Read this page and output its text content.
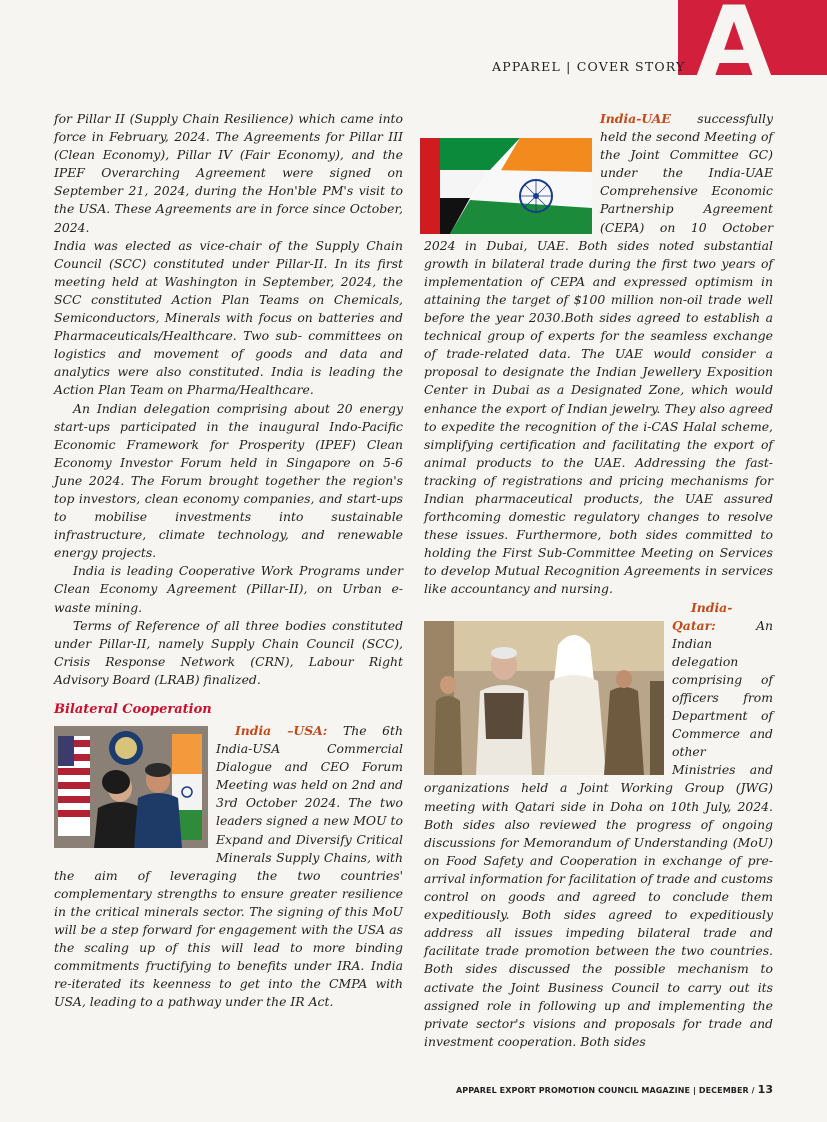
A
APPAREL | COVER STORY

for Pillar II (Supply Chain Resilience) which came into force in February, 2024. The Agreements for Pillar III (Clean Economy), Pillar IV (Fair Economy), and the IPEF Overarching Agreement were signed on September 21, 2024, during the Hon'ble PM's visit to the USA. These Agreements are in force since October, 2024.

India was elected as vice-chair of the Supply Chain Council (SCC) constituted under Pillar-II. In its first meeting held at Washington in September, 2024, the SCC constituted Action Plan Teams on Chemicals, Semiconductors, Minerals with focus on batteries and Pharmaceuticals/Healthcare. Two sub- committees on logistics and movement of goods and data and analytics were also constituted. India is leading the Action Plan Team on Pharma/Healthcare.

An Indian delegation comprising about 20 energy start-ups participated in the inaugural Indo-Pacific Economic Framework for Prosperity (IPEF) Clean Economy Investor Forum held in Singapore on 5-6 June 2024. The Forum brought together the region's top investors, clean economy companies, and start-ups to mobilise investments into sustainable infrastructure, climate technology, and renewable energy projects.

India is leading Cooperative Work Programs under Clean Economy Agreement (Pillar-II), on Urban e-waste mining.

Terms of Reference of all three bodies constituted under Pillar-II, namely Supply Chain Council (SCC), Crisis Response Network (CRN), Labour Right Advisory Board (LRAB) finalized.

Bilateral Cooperation

India –USA: The 6th India-USA Commercial Dialogue and CEO Forum Meeting was held on 2nd and 3rd October 2024. The two leaders signed a new MOU to Expand and Diversify Critical Minerals Supply Chains, with the aim of leveraging the two countries' complementary strengths to ensure greater resilience in the critical minerals sector. The signing of this MoU will be a step forward for engagement with the USA as the scaling up of this will lead to more binding commitments fructifying to benefits under IRA. India re-iterated its keenness to get into the CMPA with USA, leading to a pathway under the IR Act.

India-UAE successfully held the second Meeting of the Joint Committee GC) under the India-UAE Comprehensive Economic Partnership Agreement (CEPA) on 10 October 2024 in Dubai, UAE. Both sides noted substantial growth in bilateral trade during the first two years of implementation of CEPA and expressed optimism in attaining the target of $100 million non-oil trade well before the year 2030.Both sides agreed to establish a technical group of experts for the seamless exchange of trade-related data. The UAE would consider a proposal to designate the Indian Jewellery Exposition Center in Dubai as a Designated Zone, which would enhance the export of Indian jewelry. They also agreed to expedite the recognition of the i-CAS Halal scheme, simplifying certification and facilitating the export of animal products to the UAE. Addressing the fast-tracking of registrations and pricing mechanisms for Indian pharmaceutical products, the UAE assured forthcoming domestic regulatory changes to resolve these issues. Furthermore, both sides committed to holding the First Sub-Committee Meeting on Services to develop Mutual Recognition Agreements in services like accountancy and nursing.

India-Qatar:	An Indian delegation comprising of officers from Department of Commerce and other Ministries and organizations held a Joint Working Group (JWG) meeting with Qatari side in Doha on 10th July, 2024. Both sides also reviewed the progress of ongoing discussions for Memorandum of Understanding (MoU) on Food Safety and Cooperation in exchange of pre-arrival information for facilitation of trade and customs control on goods and agreed to conclude them expeditiously. Both sides agreed to expeditiously address all issues impeding bilateral trade and facilitate trade promotion between the two countries. Both sides discussed the possible mechanism to activate the Joint Business Council to carry out its assigned role in following up and implementing the private sector's visions and proposals for trade and investment cooperation. Both sides

APPAREL EXPORT PROMOTION COUNCIL MAGAZINE | DECEMBER / 13
